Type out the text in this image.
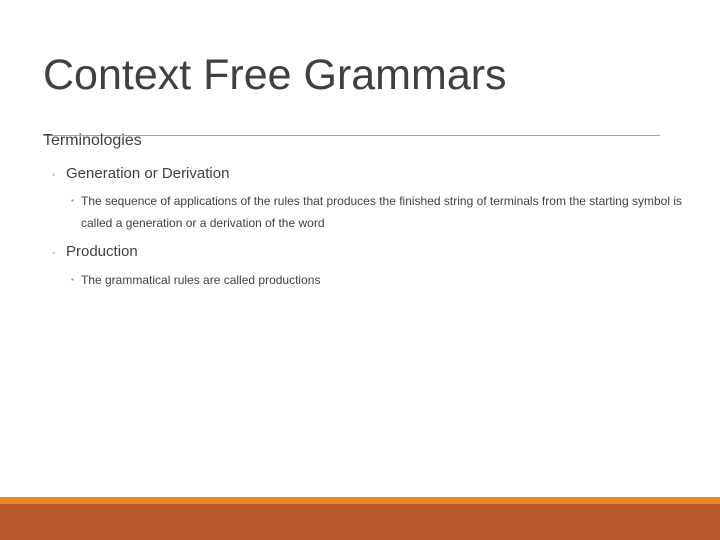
Context Free Grammars
Terminologies
◦ Generation or Derivation
▪ The sequence of applications of the rules that produces the finished string of terminals from the starting symbol is called a generation or a derivation of the word
◦ Production
▪ The grammatical rules are called productions
